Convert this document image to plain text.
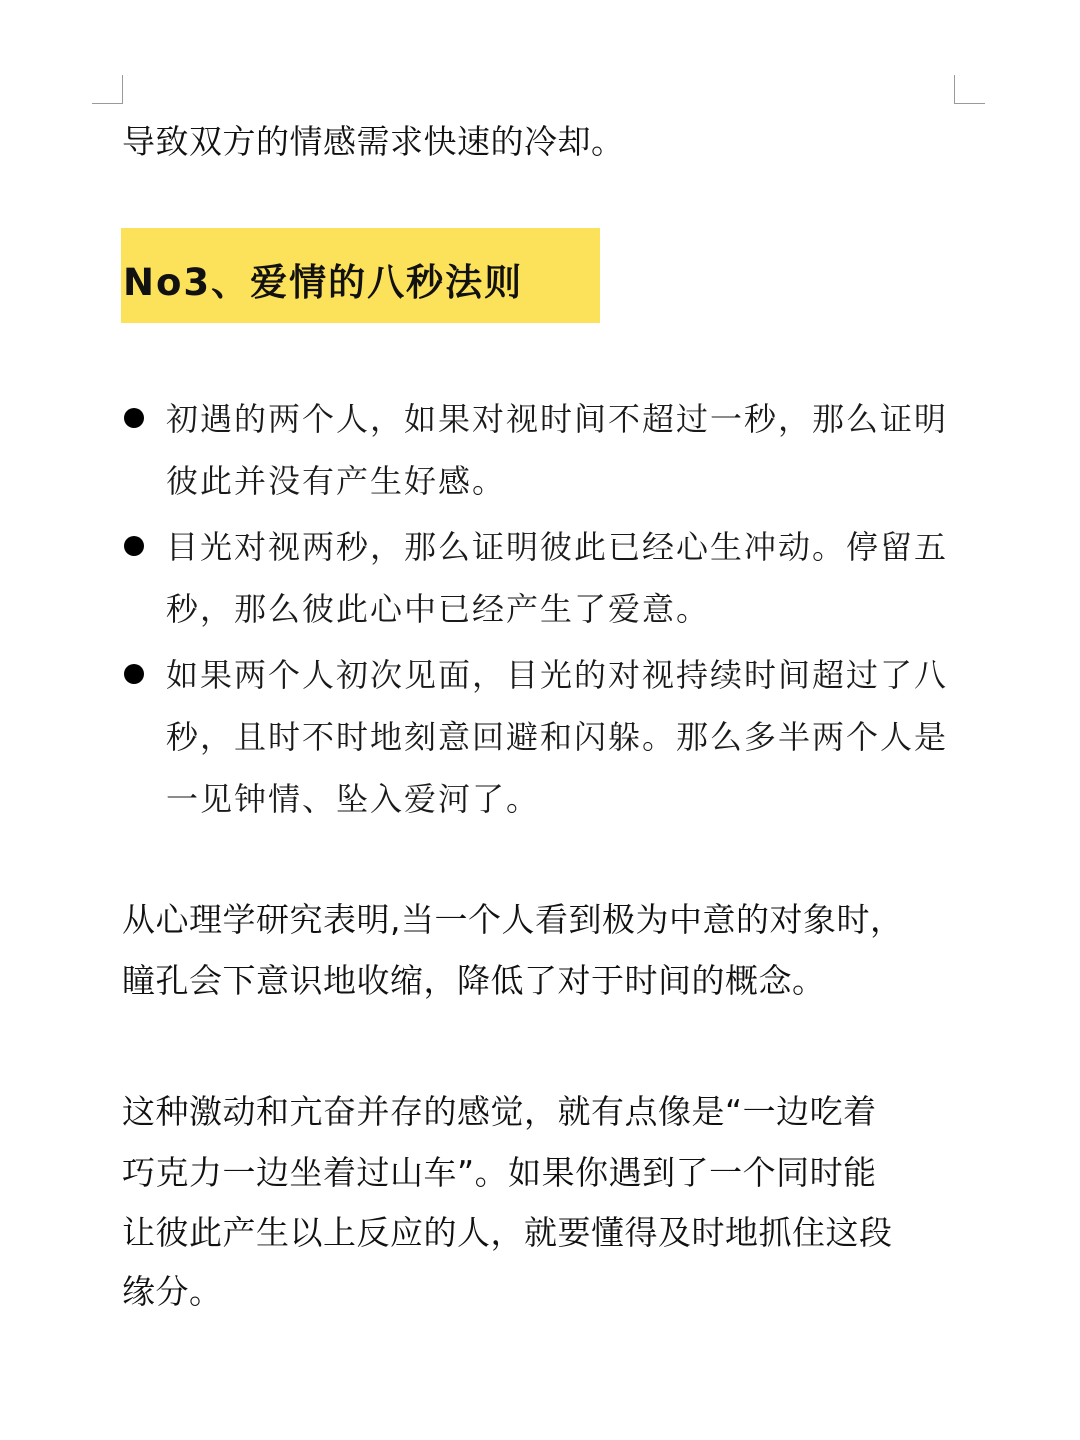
导致双方的情感需求快速的冷却。
No3、爱情的八秒法则
初遇的两个人，如果对视时间不超过一秒，那么证明彼此并没有产生好感。
目光对视两秒，那么证明彼此已经心生冲动。停留五秒，那么彼此心中已经产生了爱意。
如果两个人初次见面，目光的对视持续时间超过了八秒，且时不时地刻意回避和闪躲。那么多半两个人是一见钟情、坠入爱河了。
从心理学研究表明,当一个人看到极为中意的对象时，
瞳孔会下意识地收缩，降低了对于时间的概念。
这种激动和亢奋并存的感觉，就有点像是“一边吃着
巧克力一边坐着过山车”。如果你遇到了一个同时能
让彼此产生以上反应的人，就要懂得及时地抓住这段
缘分。
